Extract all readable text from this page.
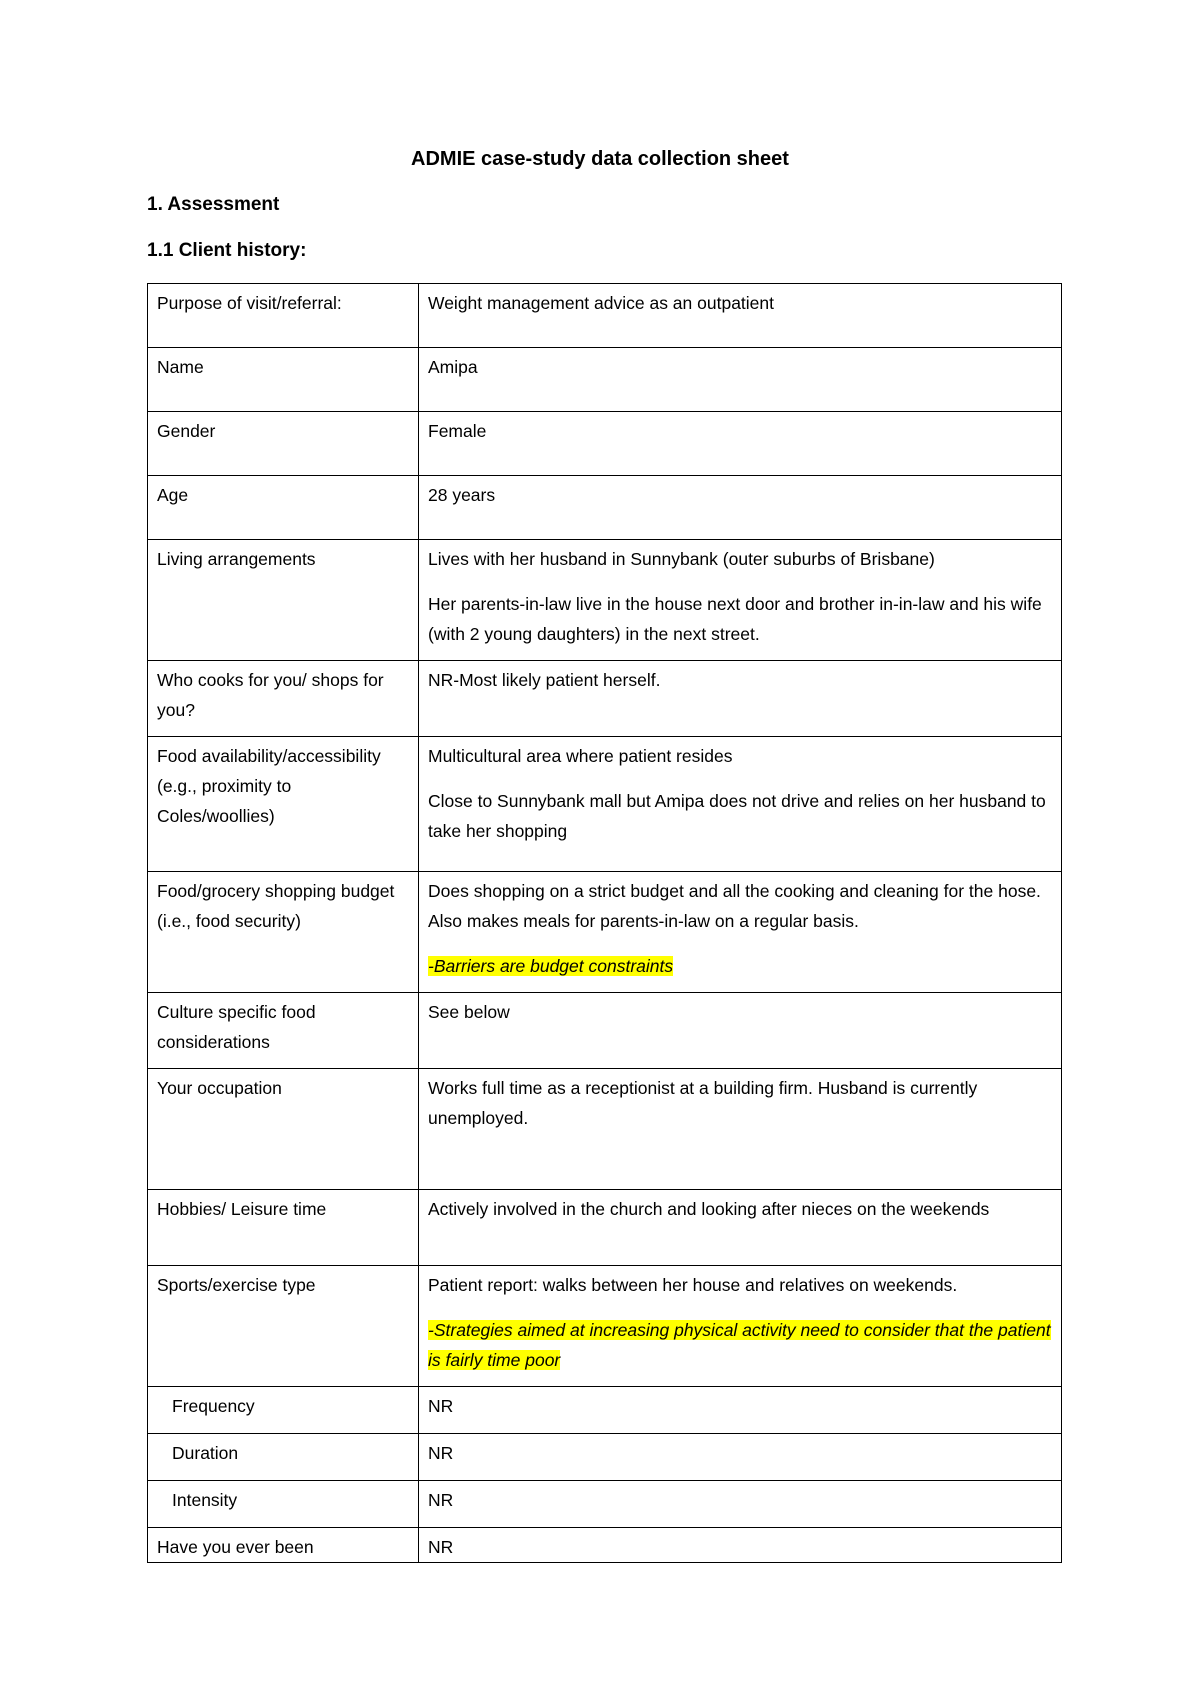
ADMIE case-study data collection sheet
1. Assessment
1.1 Client history:
Purpose of visit/referral:	Weight management advice as an outpatient
Name	Amipa
Gender	Female
Age	28 years
Living arrangements	Lives with her husband in Sunnybank (outer suburbs of Brisbane)

Her parents-in-law live in the house next door and brother in-in-law and his wife (with 2 young daughters) in the next street.

Who cooks for you/ shops for you?	NR-Most likely patient herself.
Food availability/accessibility (e.g., proximity to Coles/woollies)	Multicultural area where patient resides

Close to Sunnybank mall but Amipa does not drive and relies on her husband to take her shopping

Food/grocery shopping budget (i.e., food security)	Does shopping on a strict budget and all the cooking and cleaning for the hose. Also makes meals for parents-in-law on a regular basis.

-Barriers are budget constraints

Culture specific food considerations	See below
Your occupation	Works full time as a receptionist at a building firm. Husband is currently unemployed.
Hobbies/ Leisure time	Actively involved in the church and looking after nieces on the weekends
Sports/exercise type	Patient report: walks between her house and relatives on weekends.

-Strategies aimed at increasing physical activity need to consider that the patient is fairly time poor

Frequency	NR
Duration	NR
Intensity	NR
Have you ever been	NR
